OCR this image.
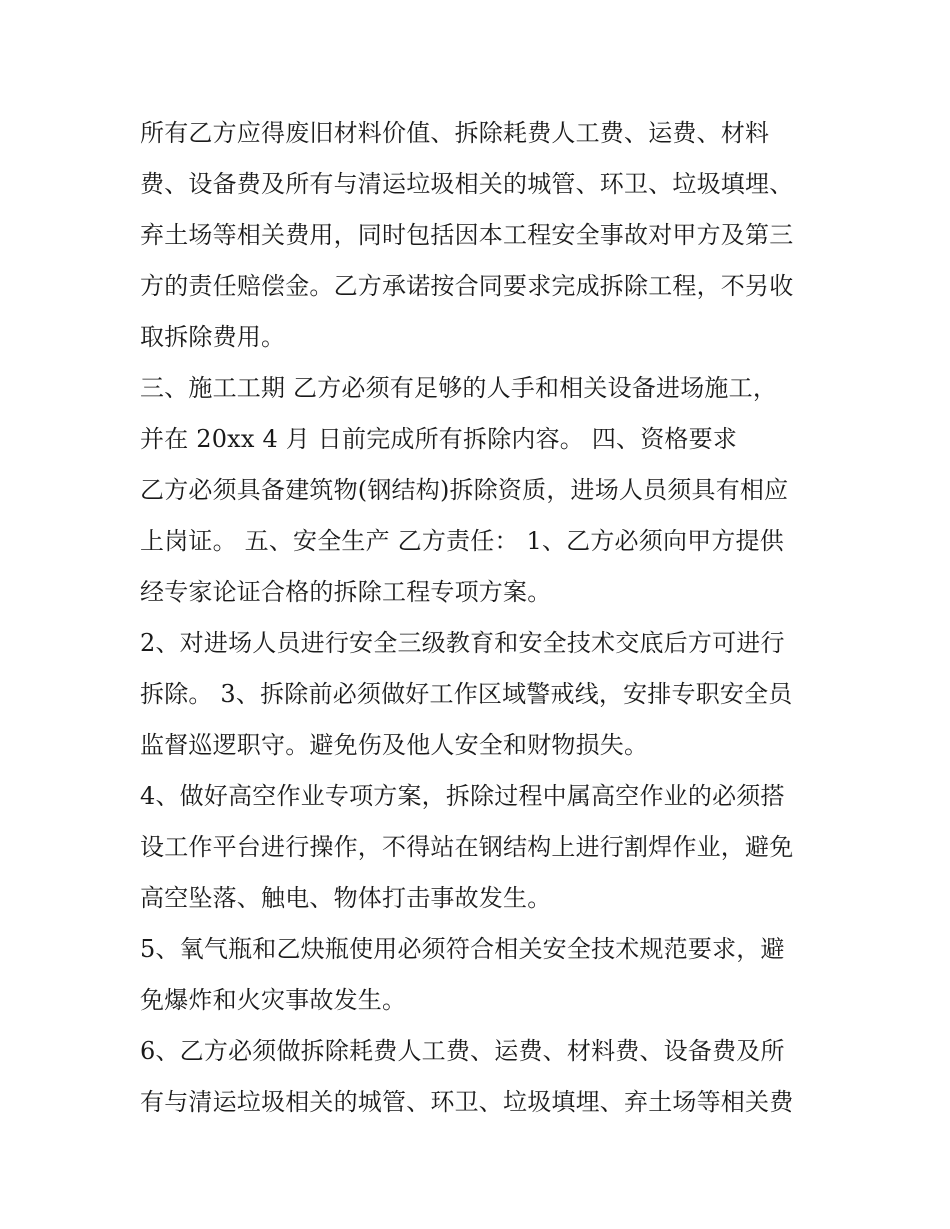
所有乙方应得废旧材料价值、拆除耗费人工费、运费、材料
费、设备费及所有与清运垃圾相关的城管、环卫、垃圾填埋、
弃土场等相关费用，同时包括因本工程安全事故对甲方及第三
方的责任赔偿金。乙方承诺按合同要求完成拆除工程，不另收
取拆除费用。
三、施工工期 乙方必须有足够的人手和相关设备进场施工，
并在 20xx 4 月 日前完成所有拆除内容。 四、资格要求
乙方必须具备建筑物(钢结构)拆除资质，进场人员须具有相应
上岗证。 五、安全生产 乙方责任： 1、乙方必须向甲方提供
经专家论证合格的拆除工程专项方案。
2、对进场人员进行安全三级教育和安全技术交底后方可进行
拆除。 3、拆除前必须做好工作区域警戒线，安排专职安全员
监督巡逻职守。避免伤及他人安全和财物损失。
4、做好高空作业专项方案，拆除过程中属高空作业的必须搭
设工作平台进行操作，不得站在钢结构上进行割焊作业，避免
高空坠落、触电、物体打击事故发生。
5、氧气瓶和乙炔瓶使用必须符合相关安全技术规范要求，避
免爆炸和火灾事故发生。
6、乙方必须做拆除耗费人工费、运费、材料费、设备费及所
有与清运垃圾相关的城管、环卫、垃圾填埋、弃土场等相关费
